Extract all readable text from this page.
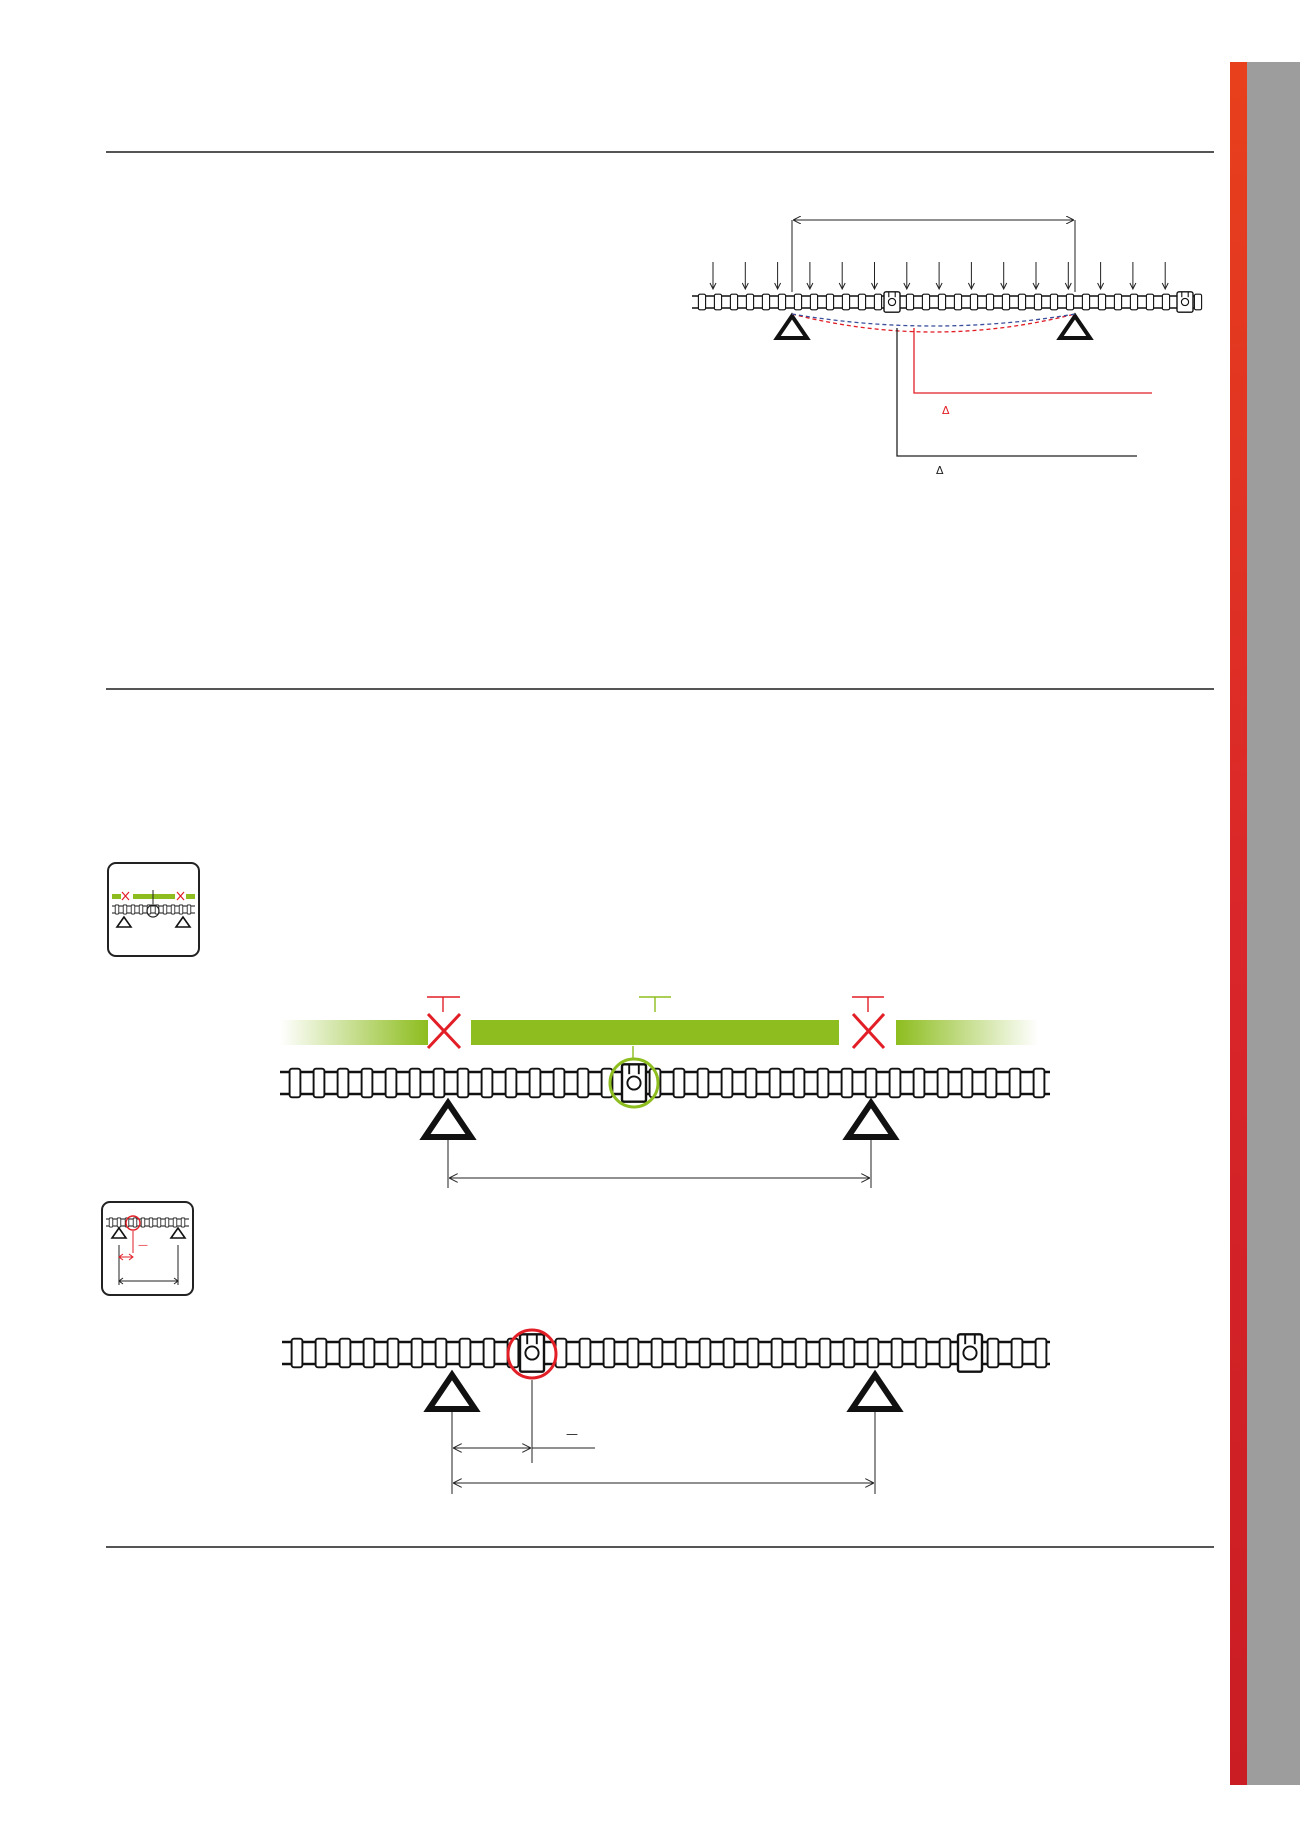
Δ
Δ
—
—
